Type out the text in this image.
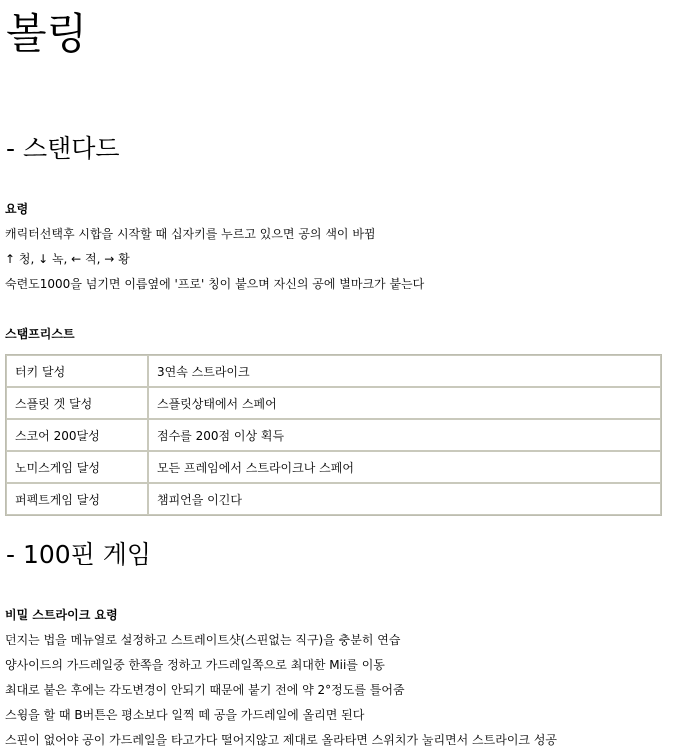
볼링
- 스탠다드
요령
캐릭터선택후 시합을 시작할 때 십자키를 누르고 있으면 공의 색이 바뀜
↑ 청, ↓ 녹, ← 적, → 황
숙련도1000을 넘기면 이름옆에 '프로' 칭이 붙으며 자신의 공에 별마크가 붙는다
스탬프리스트
터키 달성	3연속 스트라이크
스플릿 겟 달성	스플릿상태에서 스페어
스코어 200달성	점수를 200점 이상 획득
노미스게임 달성	모든 프레임에서 스트라이크나 스페어
퍼펙트게임 달성	챔피언을 이긴다
- 100핀 게임
비밀 스트라이크 요령
던지는 법을 메뉴얼로 설정하고 스트레이트샷(스핀없는 직구)을 충분히 연습
양사이드의 가드레일중 한쪽을 정하고 가드레일쪽으로 최대한 Mii를 이동
최대로 붙은 후에는 각도변경이 안되기 때문에 붙기 전에 약 2°정도를 틀어줌
스윙을 할 때 B버튼은 평소보다 일찍 떼 공을 가드레일에 올리면 된다
스핀이 없어야 공이 가드레일을 타고가다 떨어지않고 제대로 올라타면 스위치가 눌리면서 스트라이크 성공
